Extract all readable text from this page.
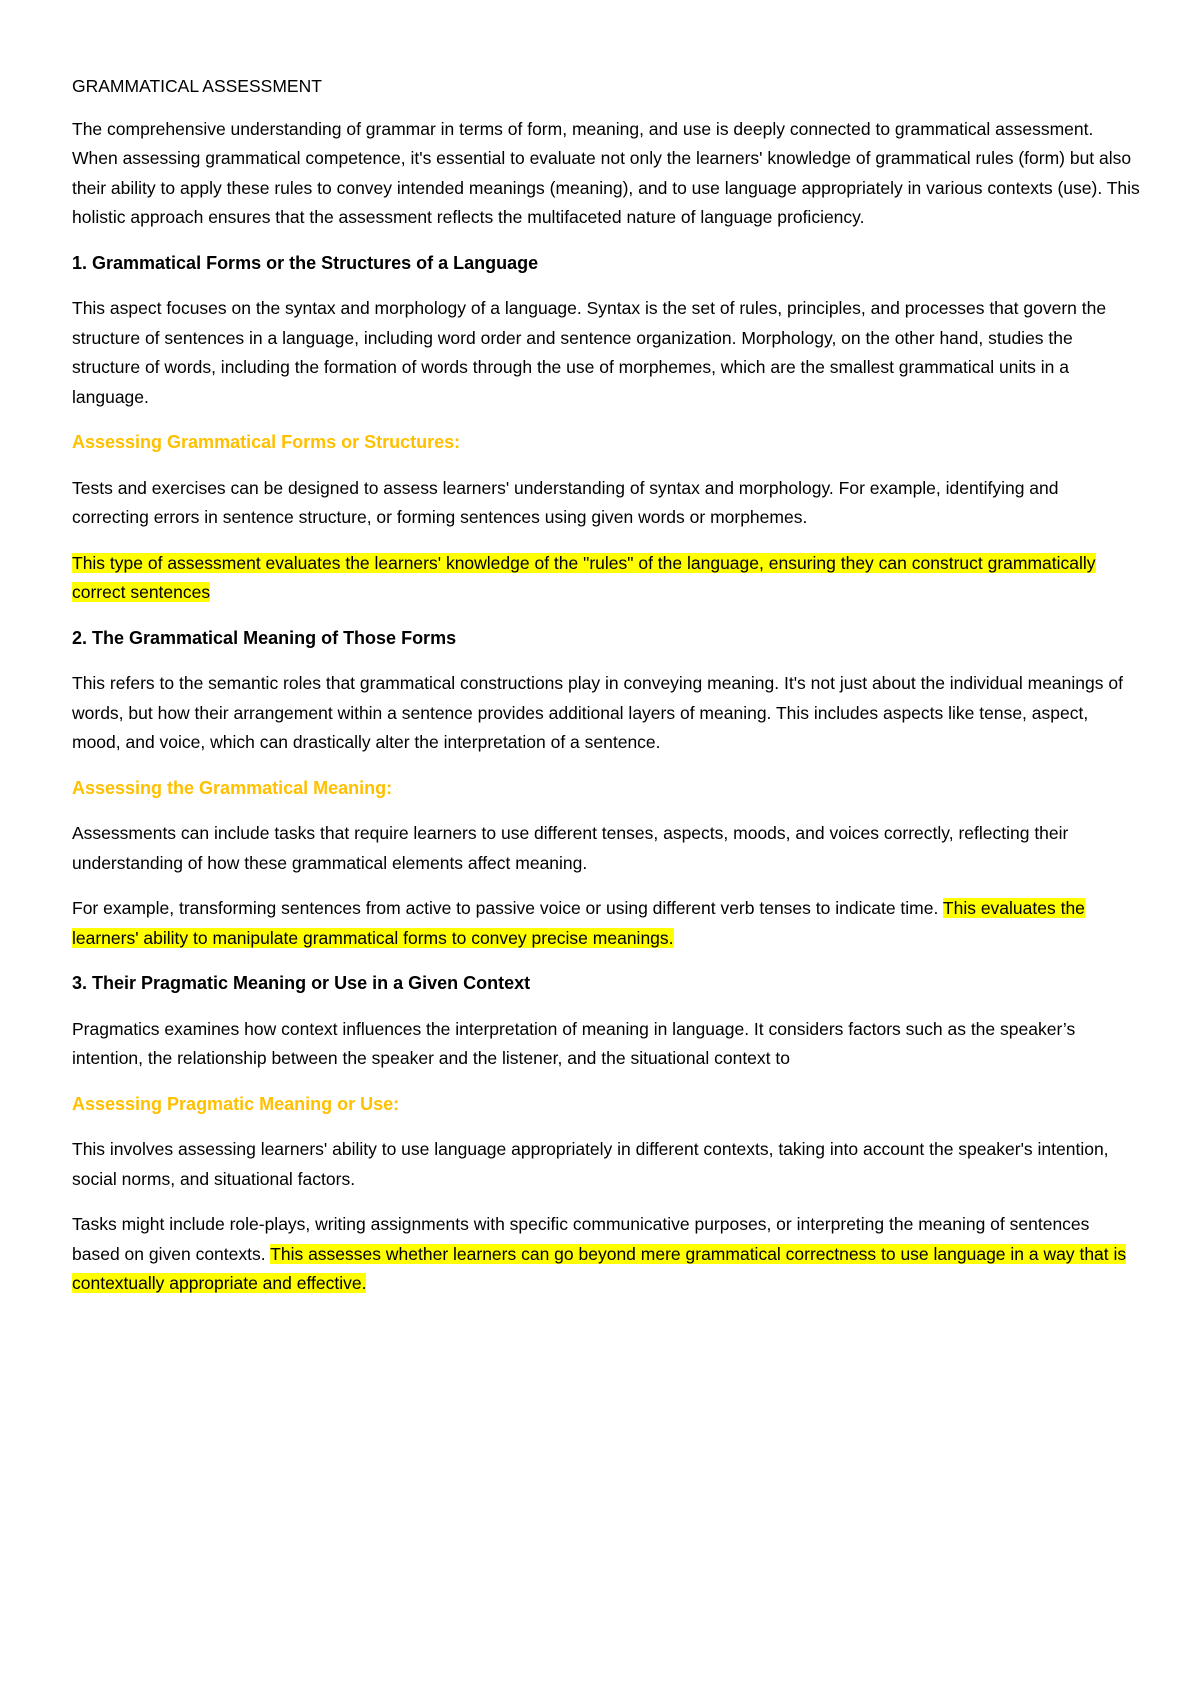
GRAMMATICAL ASSESSMENT

The comprehensive understanding of grammar in terms of form, meaning, and use is deeply connected to grammatical assessment. When assessing grammatical competence, it's essential to evaluate not only the learners' knowledge of grammatical rules (form) but also their ability to apply these rules to convey intended meanings (meaning), and to use language appropriately in various contexts (use). This holistic approach ensures that the assessment reflects the multifaceted nature of language proficiency.

1. Grammatical Forms or the Structures of a Language

This aspect focuses on the syntax and morphology of a language. Syntax is the set of rules, principles, and processes that govern the structure of sentences in a language, including word order and sentence organization. Morphology, on the other hand, studies the structure of words, including the formation of words through the use of morphemes, which are the smallest grammatical units in a language.

Assessing Grammatical Forms or Structures:

Tests and exercises can be designed to assess learners' understanding of syntax and morphology. For example, identifying and correcting errors in sentence structure, or forming sentences using given words or morphemes.

This type of assessment evaluates the learners' knowledge of the "rules" of the language, ensuring they can construct grammatically correct sentences

2. The Grammatical Meaning of Those Forms

This refers to the semantic roles that grammatical constructions play in conveying meaning. It's not just about the individual meanings of words, but how their arrangement within a sentence provides additional layers of meaning. This includes aspects like tense, aspect, mood, and voice, which can drastically alter the interpretation of a sentence.

Assessing the Grammatical Meaning:

Assessments can include tasks that require learners to use different tenses, aspects, moods, and voices correctly, reflecting their understanding of how these grammatical elements affect meaning.

For example, transforming sentences from active to passive voice or using different verb tenses to indicate time. This evaluates the learners' ability to manipulate grammatical forms to convey precise meanings.

3. Their Pragmatic Meaning or Use in a Given Context

Pragmatics examines how context influences the interpretation of meaning in language. It considers factors such as the speaker’s intention, the relationship between the speaker and the listener, and the situational context to

Assessing Pragmatic Meaning or Use:

This involves assessing learners' ability to use language appropriately in different contexts, taking into account the speaker's intention, social norms, and situational factors.

Tasks might include role-plays, writing assignments with specific communicative purposes, or interpreting the meaning of sentences based on given contexts. This assesses whether learners can go beyond mere grammatical correctness to use language in a way that is contextually appropriate and effective.
